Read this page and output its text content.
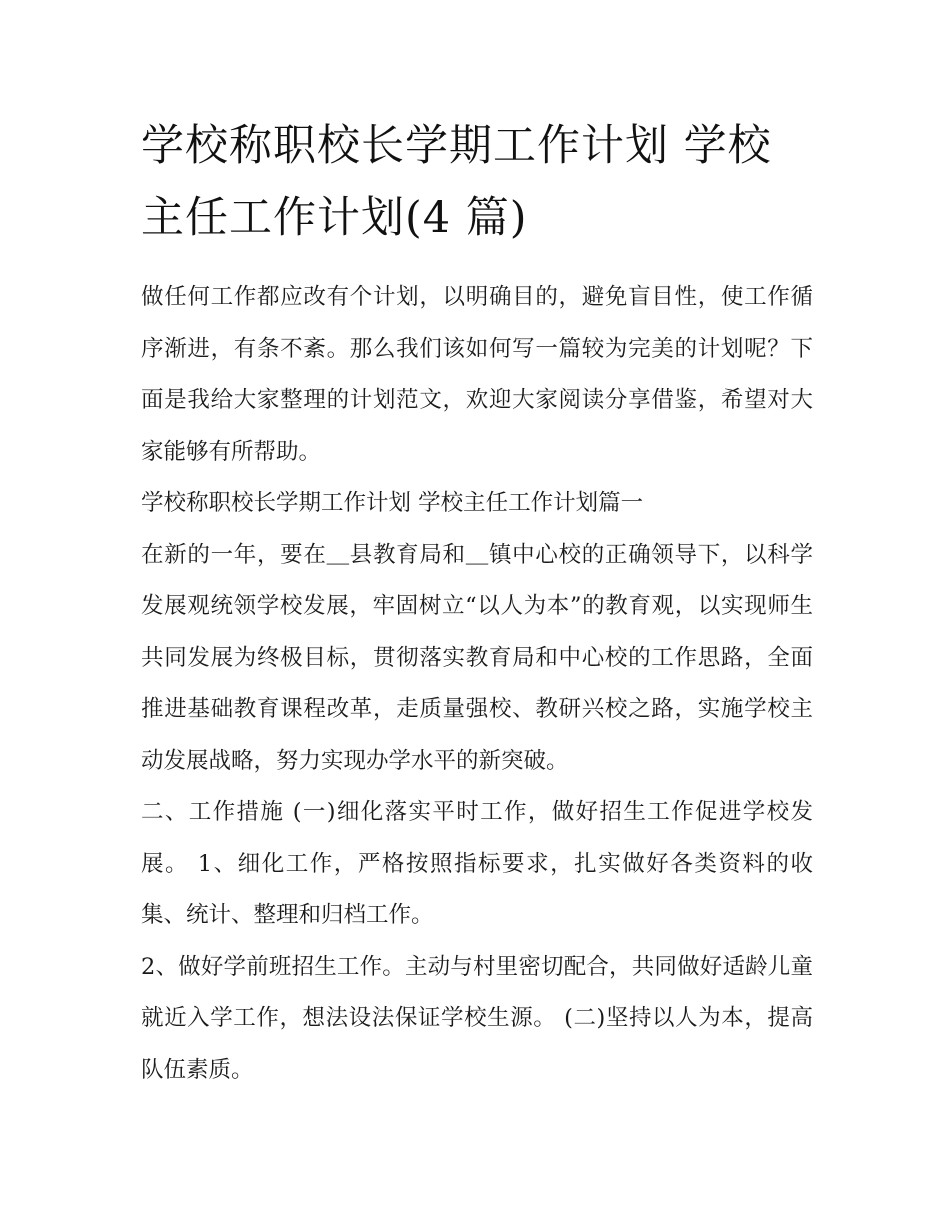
学校称职校长学期工作计划 学校主任工作计划(4 篇)

做任何工作都应改有个计划，以明确目的，避免盲目性，使工作循序渐进，有条不紊。那么我们该如何写一篇较为完美的计划呢？下面是我给大家整理的计划范文，欢迎大家阅读分享借鉴，希望对大家能够有所帮助。

学校称职校长学期工作计划 学校主任工作计划篇一

在新的一年，要在＿县教育局和＿镇中心校的正确领导下，以科学发展观统领学校发展，牢固树立“以人为本”的教育观，以实现师生共同发展为终极目标，贯彻落实教育局和中心校的工作思路，全面推进基础教育课程改革，走质量强校、教研兴校之路，实施学校主动发展战略，努力实现办学水平的新突破。

二、工作措施 (一)细化落实平时工作，做好招生工作促进学校发展。 1、细化工作，严格按照指标要求，扎实做好各类资料的收集、统计、整理和归档工作。

2、做好学前班招生工作。主动与村里密切配合，共同做好适龄儿童就近入学工作，想法设法保证学校生源。 (二)坚持以人为本，提高队伍素质。
